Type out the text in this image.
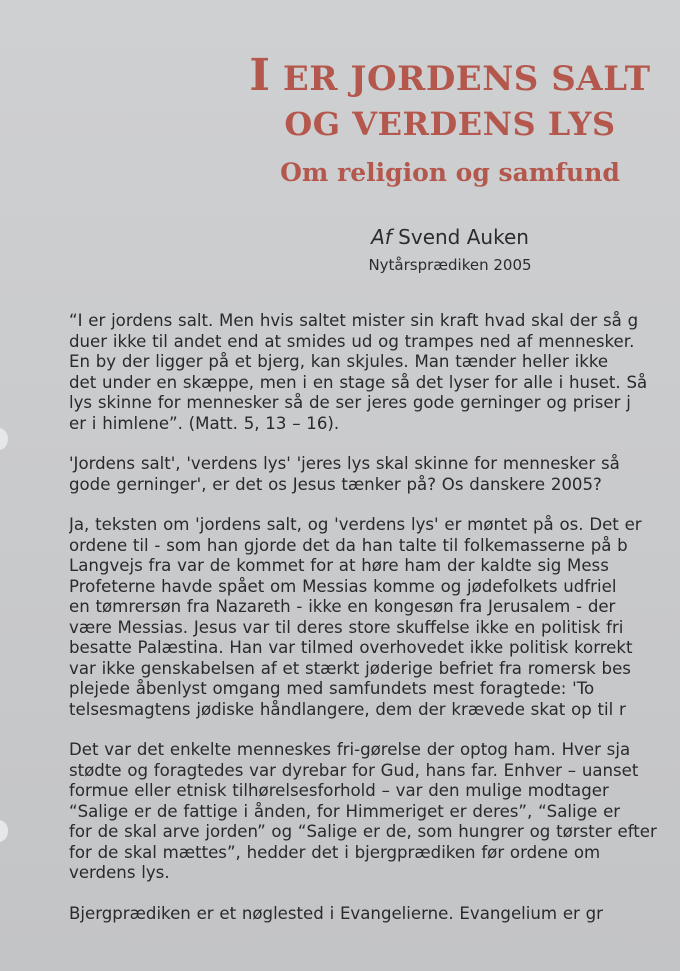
I ER JORDENS SALT
OG VERDENS LYS
Om religion og samfund
Af Svend Auken
Nytårsprædiken 2005

“I er jordens salt. Men hvis saltet mister sin kraft hvad skal der så g
duer ikke til andet end at smides ud og trampes ned af mennesker.
En by der ligger på et bjerg, kan skjules. Man tænder heller ikke
det under en skæppe, men i en stage så det lyser for alle i huset. Så
lys skinne for mennesker så de ser jeres gode gerninger og priser j
er i himlene”. (Matt. 5, 13 – 16).

'Jordens salt', 'verdens lys' 'jeres lys skal skinne for mennesker så
gode gerninger', er det os Jesus tænker på? Os danskere 2005?

Ja, teksten om 'jordens salt, og 'verdens lys' er møntet på os. Det er
ordene til - som han gjorde det da han talte til folkemasserne på b
Langvejs fra var de kommet for at høre ham der kaldte sig Mess
Profeterne havde spået om Messias komme og jødefolkets udfriel
en tømrersøn fra Nazareth - ikke en kongesøn fra Jerusalem - der
være Messias. Jesus var til deres store skuffelse ikke en politisk fri
besatte Palæstina. Han var tilmed overhovedet ikke politisk korrekt
var ikke genskabelsen af et stærkt jøderige befriet fra romersk bes
plejede åbenlyst omgang med samfundets mest foragtede: 'To
telsesmagtens jødiske håndlangere, dem der krævede skat op til r

Det var det enkelte menneskes fri-gørelse der optog ham. Hver sja
stødte og foragtedes var dyrebar for Gud, hans far. Enhver – uanset
formue eller etnisk tilhørelsesforhold – var den mulige modtager
“Salige er de fattige i ånden, for Himmeriget er deres”, “Salige er
for de skal arve jorden” og “Salige er de, som hungrer og tørster efter
for de skal mættes”, hedder det i bjergprædiken før ordene om
verdens lys.

Bjergprædiken er et nøglested i Evangelierne. Evangelium er gr
